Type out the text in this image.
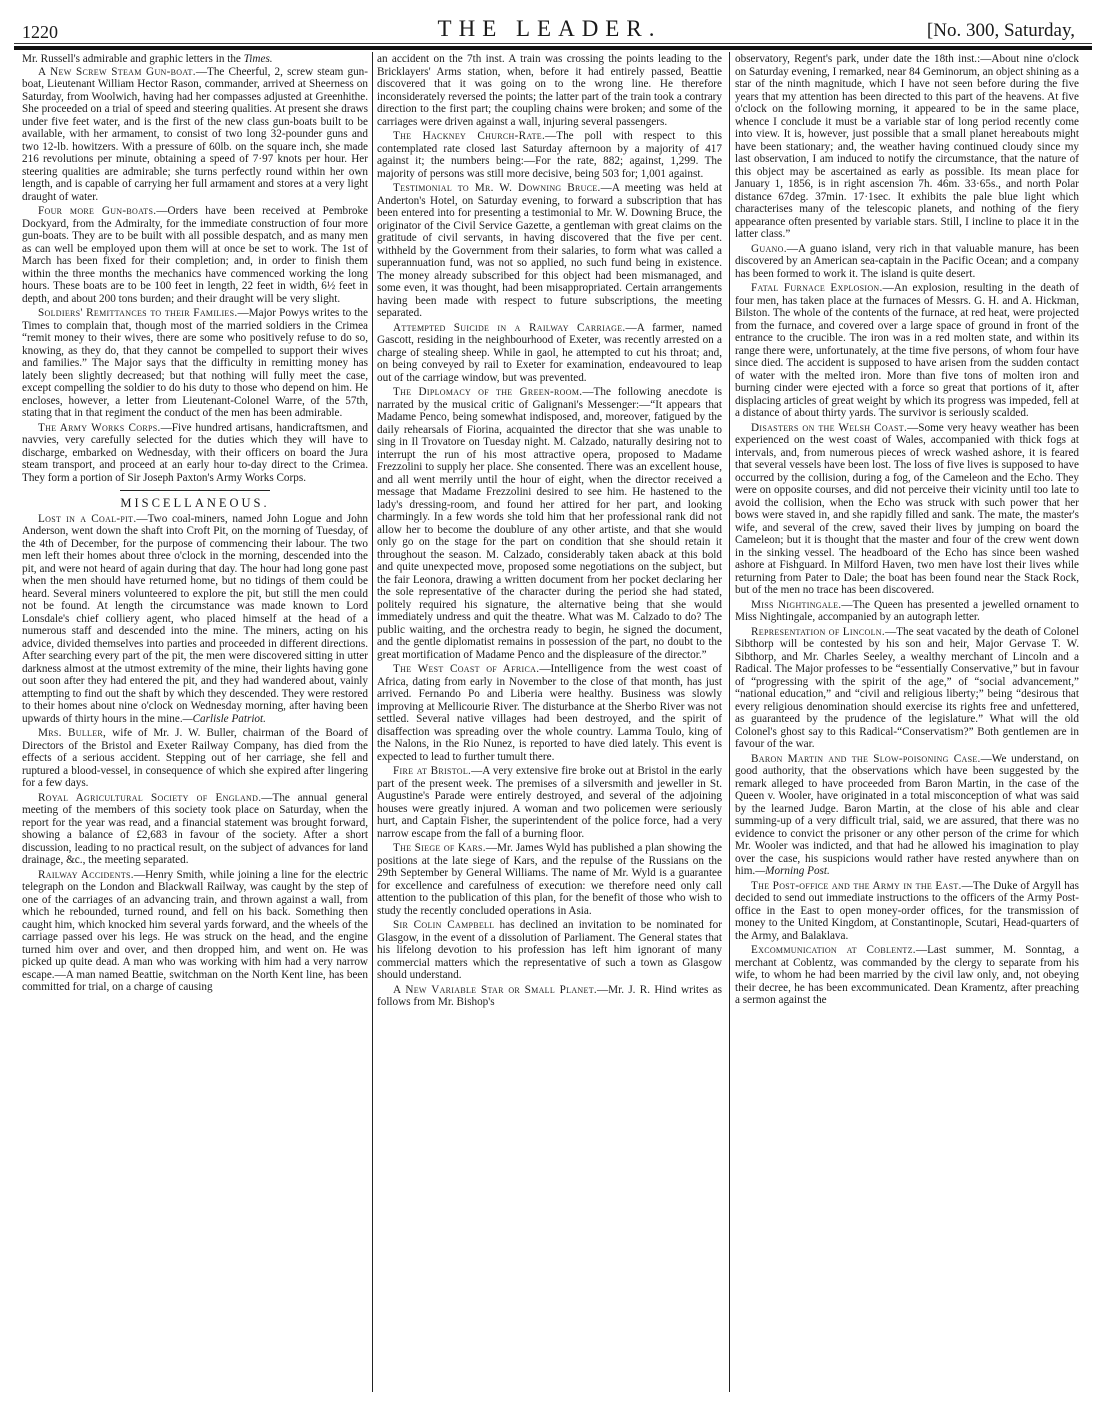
1220	THE LEADER.	[No. 300, Saturday,

Mr. Russell's admirable and graphic letters in the Times.

A New Screw Steam Gun-boat.—The Cheerful, 2, screw steam gun-boat, Lieutenant William Hector Rason, commander, arrived at Sheerness on Saturday, from Woolwich, having had her compasses adjusted at Greenhithe. She proceeded on a trial of speed and steering qualities. At present she draws under five feet water, and is the first of the new class gun-boats built to be available, with her armament, to consist of two long 32-pounder guns and two 12-lb. howitzers. With a pressure of 60lb. on the square inch, she made 216 revolutions per minute, obtaining a speed of 7·97 knots per hour. Her steering qualities are admirable; she turns perfectly round within her own length, and is capable of carrying her full armament and stores at a very light draught of water.

Four more Gun-boats.—Orders have been received at Pembroke Dockyard, from the Admiralty, for the immediate construction of four more gun-boats. They are to be built with all possible despatch, and as many men as can well be employed upon them will at once be set to work. The 1st of March has been fixed for their completion; and, in order to finish them within the three months the mechanics have commenced working the long hours. These boats are to be 100 feet in length, 22 feet in width, 6½ feet in depth, and about 200 tons burden; and their draught will be very slight.

Soldiers' Remittances to their Families.—Major Powys writes to the Times to complain that, though most of the married soldiers in the Crimea “remit money to their wives, there are some who positively refuse to do so, knowing, as they do, that they cannot be compelled to support their wives and families.” The Major says that the difficulty in remitting money has lately been slightly decreased; but that nothing will fully meet the case, except compelling the soldier to do his duty to those who depend on him. He encloses, however, a letter from Lieutenant-Colonel Warre, of the 57th, stating that in that regiment the conduct of the men has been admirable.

The Army Works Corps.—Five hundred artisans, handicraftsmen, and navvies, very carefully selected for the duties which they will have to discharge, embarked on Wednesday, with their officers on board the Jura steam transport, and proceed at an early hour to-day direct to the Crimea. They form a portion of Sir Joseph Paxton's Army Works Corps.

MISCELLANEOUS.

Lost in a Coal-pit.—Two coal-miners, named John Logue and John Anderson, went down the shaft into Croft Pit, on the morning of Tuesday, of the 4th of December, for the purpose of commencing their labour. The two men left their homes about three o'clock in the morning, descended into the pit, and were not heard of again during that day. The hour had long gone past when the men should have returned home, but no tidings of them could be heard. Several miners volunteered to explore the pit, but still the men could not be found. At length the circumstance was made known to Lord Lonsdale's chief colliery agent, who placed himself at the head of a numerous staff and descended into the mine. The miners, acting on his advice, divided themselves into parties and proceeded in different directions. After searching every part of the pit, the men were discovered sitting in utter darkness almost at the utmost extremity of the mine, their lights having gone out soon after they had entered the pit, and they had wandered about, vainly attempting to find out the shaft by which they descended. They were restored to their homes about nine o'clock on Wednesday morning, after having been upwards of thirty hours in the mine.—Carlisle Patriot.

Mrs. Buller, wife of Mr. J. W. Buller, chairman of the Board of Directors of the Bristol and Exeter Railway Company, has died from the effects of a serious accident. Stepping out of her carriage, she fell and ruptured a blood-vessel, in consequence of which she expired after lingering for a few days.

Royal Agricultural Society of England.—The annual general meeting of the members of this society took place on Saturday, when the report for the year was read, and a financial statement was brought forward, showing a balance of £2,683 in favour of the society. After a short discussion, leading to no practical result, on the subject of advances for land drainage, &c., the meeting separated.

Railway Accidents.—Henry Smith, while joining a line for the electric telegraph on the London and Blackwall Railway, was caught by the step of one of the carriages of an advancing train, and thrown against a wall, from which he rebounded, turned round, and fell on his back. Something then caught him, which knocked him several yards forward, and the wheels of the carriage passed over his legs. He was struck on the head, and the engine turned him over and over, and then dropped him, and went on. He was picked up quite dead. A man who was working with him had a very narrow escape.—A man named Beattie, switchman on the North Kent line, has been committed for trial, on a charge of causing

an accident on the 7th inst. A train was crossing the points leading to the Bricklayers' Arms station, when, before it had entirely passed, Beattie discovered that it was going on to the wrong line. He therefore inconsiderately reversed the points; the latter part of the train took a contrary direction to the first part; the coupling chains were broken; and some of the carriages were driven against a wall, injuring several passengers.

The Hackney Church-Rate.—The poll with respect to this contemplated rate closed last Saturday afternoon by a majority of 417 against it; the numbers being:—For the rate, 882; against, 1,299. The majority of persons was still more decisive, being 503 for; 1,001 against.

Testimonial to Mr. W. Downing Bruce.—A meeting was held at Anderton's Hotel, on Saturday evening, to forward a subscription that has been entered into for presenting a testimonial to Mr. W. Downing Bruce, the originator of the Civil Service Gazette, a gentleman with great claims on the gratitude of civil servants, in having discovered that the five per cent. withheld by the Government from their salaries, to form what was called a superannuation fund, was not so applied, no such fund being in existence. The money already subscribed for this object had been mismanaged, and some even, it was thought, had been misappropriated. Certain arrangements having been made with respect to future subscriptions, the meeting separated.

Attempted Suicide in a Railway Carriage.—A farmer, named Gascott, residing in the neighbourhood of Exeter, was recently arrested on a charge of stealing sheep. While in gaol, he attempted to cut his throat; and, on being conveyed by rail to Exeter for examination, endeavoured to leap out of the carriage window, but was prevented.

The Diplomacy of the Green-room.—The following anecdote is narrated by the musical critic of Galignani's Messenger:—“It appears that Madame Penco, being somewhat indisposed, and, moreover, fatigued by the daily rehearsals of Fiorina, acquainted the director that she was unable to sing in Il Trovatore on Tuesday night. M. Calzado, naturally desiring not to interrupt the run of his most attractive opera, proposed to Madame Frezzolini to supply her place. She consented. There was an excellent house, and all went merrily until the hour of eight, when the director received a message that Madame Frezzolini desired to see him. He hastened to the lady's dressing-room, and found her attired for her part, and looking charmingly. In a few words she told him that her professional rank did not allow her to become the doublure of any other artiste, and that she would only go on the stage for the part on condition that she should retain it throughout the season. M. Calzado, considerably taken aback at this bold and quite unexpected move, proposed some negotiations on the subject, but the fair Leonora, drawing a written document from her pocket declaring her the sole representative of the character during the period she had stated, politely required his signature, the alternative being that she would immediately undress and quit the theatre. What was M. Calzado to do? The public waiting, and the orchestra ready to begin, he signed the document, and the gentle diplomatist remains in possession of the part, no doubt to the great mortification of Madame Penco and the displeasure of the director.”

The West Coast of Africa.—Intelligence from the west coast of Africa, dating from early in November to the close of that month, has just arrived. Fernando Po and Liberia were healthy. Business was slowly improving at Mellicourie River. The disturbance at the Sherbo River was not settled. Several native villages had been destroyed, and the spirit of disaffection was spreading over the whole country. Lamma Toulo, king of the Nalons, in the Rio Nunez, is reported to have died lately. This event is expected to lead to further tumult there.

Fire at Bristol.—A very extensive fire broke out at Bristol in the early part of the present week. The premises of a silversmith and jeweller in St. Augustine's Parade were entirely destroyed, and several of the adjoining houses were greatly injured. A woman and two policemen were seriously hurt, and Captain Fisher, the superintendent of the police force, had a very narrow escape from the fall of a burning floor.

The Siege of Kars.—Mr. James Wyld has published a plan showing the positions at the late siege of Kars, and the repulse of the Russians on the 29th September by General Williams. The name of Mr. Wyld is a guarantee for excellence and carefulness of execution: we therefore need only call attention to the publication of this plan, for the benefit of those who wish to study the recently concluded operations in Asia.

Sir Colin Campbell has declined an invitation to be nominated for Glasgow, in the event of a dissolution of Parliament. The General states that his lifelong devotion to his profession has left him ignorant of many commercial matters which the representative of such a town as Glasgow should understand.

A New Variable Star or Small Planet.—Mr. J. R. Hind writes as follows from Mr. Bishop's

observatory, Regent's park, under date the 18th inst.:—About nine o'clock on Saturday evening, I remarked, near 84 Geminorum, an object shining as a star of the ninth magnitude, which I have not seen before during the five years that my attention has been directed to this part of the heavens. At five o'clock on the following morning, it appeared to be in the same place, whence I conclude it must be a variable star of long period recently come into view. It is, however, just possible that a small planet hereabouts might have been stationary; and, the weather having continued cloudy since my last observation, I am induced to notify the circumstance, that the nature of this object may be ascertained as early as possible. Its mean place for January 1, 1856, is in right ascension 7h. 46m. 33·65s., and north Polar distance 67deg. 37min. 17·1sec. It exhibits the pale blue light which characterises many of the telescopic planets, and nothing of the fiery appearance often presented by variable stars. Still, I incline to place it in the latter class.”

Guano.—A guano island, very rich in that valuable manure, has been discovered by an American sea-captain in the Pacific Ocean; and a company has been formed to work it. The island is quite desert.

Fatal Furnace Explosion.—An explosion, resulting in the death of four men, has taken place at the furnaces of Messrs. G. H. and A. Hickman, Bilston. The whole of the contents of the furnace, at red heat, were projected from the furnace, and covered over a large space of ground in front of the entrance to the crucible. The iron was in a red molten state, and within its range there were, unfortunately, at the time five persons, of whom four have since died. The accident is supposed to have arisen from the sudden contact of water with the melted iron. More than five tons of molten iron and burning cinder were ejected with a force so great that portions of it, after displacing articles of great weight by which its progress was impeded, fell at a distance of about thirty yards. The survivor is seriously scalded.

Disasters on the Welsh Coast.—Some very heavy weather has been experienced on the west coast of Wales, accompanied with thick fogs at intervals, and, from numerous pieces of wreck washed ashore, it is feared that several vessels have been lost. The loss of five lives is supposed to have occurred by the collision, during a fog, of the Cameleon and the Echo. They were on opposite courses, and did not perceive their vicinity until too late to avoid the collision, when the Echo was struck with such power that her bows were staved in, and she rapidly filled and sank. The mate, the master's wife, and several of the crew, saved their lives by jumping on board the Cameleon; but it is thought that the master and four of the crew went down in the sinking vessel. The headboard of the Echo has since been washed ashore at Fishguard. In Milford Haven, two men have lost their lives while returning from Pater to Dale; the boat has been found near the Stack Rock, but of the men no trace has been discovered.

Miss Nightingale.—The Queen has presented a jewelled ornament to Miss Nightingale, accompanied by an autograph letter.

Representation of Lincoln.—The seat vacated by the death of Colonel Sibthorp will be contested by his son and heir, Major Gervase T. W. Sibthorp, and Mr. Charles Seeley, a wealthy merchant of Lincoln and a Radical. The Major professes to be “essentially Conservative,” but in favour of “progressing with the spirit of the age,” of “social advancement,” “national education,” and “civil and religious liberty;” being “desirous that every religious denomination should exercise its rights free and unfettered, as guaranteed by the prudence of the legislature.” What will the old Colonel's ghost say to this Radical-“Conservatism?” Both gentlemen are in favour of the war.

Baron Martin and the Slow-poisoning Case.—We understand, on good authority, that the observations which have been suggested by the remark alleged to have proceeded from Baron Martin, in the case of the Queen v. Wooler, have originated in a total misconception of what was said by the learned Judge. Baron Martin, at the close of his able and clear summing-up of a very difficult trial, said, we are assured, that there was no evidence to convict the prisoner or any other person of the crime for which Mr. Wooler was indicted, and that had he allowed his imagination to play over the case, his suspicions would rather have rested anywhere than on him.—Morning Post.

The Post-office and the Army in the East.—The Duke of Argyll has decided to send out immediate instructions to the officers of the Army Post-office in the East to open money-order offices, for the transmission of money to the United Kingdom, at Constantinople, Scutari, Head-quarters of the Army, and Balaklava.

Excommunication at Coblentz.—Last summer, M. Sonntag, a merchant at Coblentz, was commanded by the clergy to separate from his wife, to whom he had been married by the civil law only, and, not obeying their decree, he has been excommunicated. Dean Kramentz, after preaching a sermon against the
